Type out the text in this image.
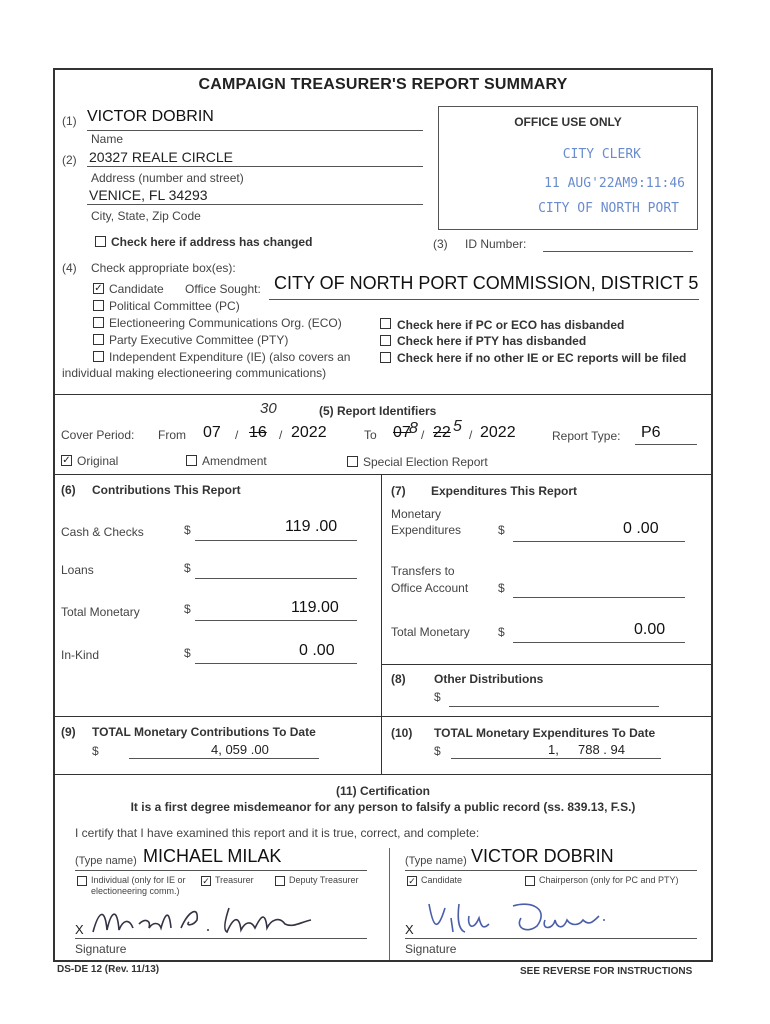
CAMPAIGN TREASURER'S REPORT SUMMARY
(1) VICTOR DOBRIN
Name
(2) 20327 REALE CIRCLE
Address (number and street)
VENICE, FL 34293
City, State, Zip Code
Check here if address has changed
OFFICE USE ONLY
CITY CLERK
11 AUG'22AM9:11:46
CITY OF NORTH PORT
(3) ID Number:
(4) Check appropriate box(es):
✓ Candidate Office Sought: CITY OF NORTH PORT COMMISSION, DISTRICT 5
Political Committee (PC)
Electioneering Communications Org. (ECO)
Party Executive Committee (PTY)
Independent Expenditure (IE) (also covers an
individual making electioneering communications)
Check here if PC or ECO has disbanded
Check here if PTY has disbanded
Check here if no other IE or EC reports will be filed
(5) Report Identifiers
30
Cover Period: From 07 / 16 / 2022	To 07
8 / 22 5 / 2022	Report Type: P6
✓ Original	Amendment	Special Election Report
(6) Contributions This Report
Cash & Checks	$	119 .00
Loans	$
Total Monetary	$	119.00
In-Kind	$	0 .00
(7) Expenditures This Report
Monetary
Expenditures	$	0 .00
Transfers to
Office Account $
Total Monetary $	0.00
(8) Other Distributions
$
(9) TOTAL Monetary Contributions To Date
$	4, 059 .00
(10) TOTAL Monetary Expenditures To Date
$	1, 788 . 94
(11) Certification
It is a first degree misdemeanor for any person to falsify a public record (ss. 839.13, F.S.)
I certify that I have examined this report and it is true, correct, and complete:
(Type name) MICHAEL MILAK
Individual (only for IE or electioneering comm.)
✓ Treasurer	Deputy Treasurer
(Type name) VICTOR DOBRIN
✓ Candidate	Chairperson (only for PC and PTY)
X
Signature
X
Signature
DS-DE 12 (Rev. 11/13)	SEE REVERSE FOR INSTRUCTIONS
